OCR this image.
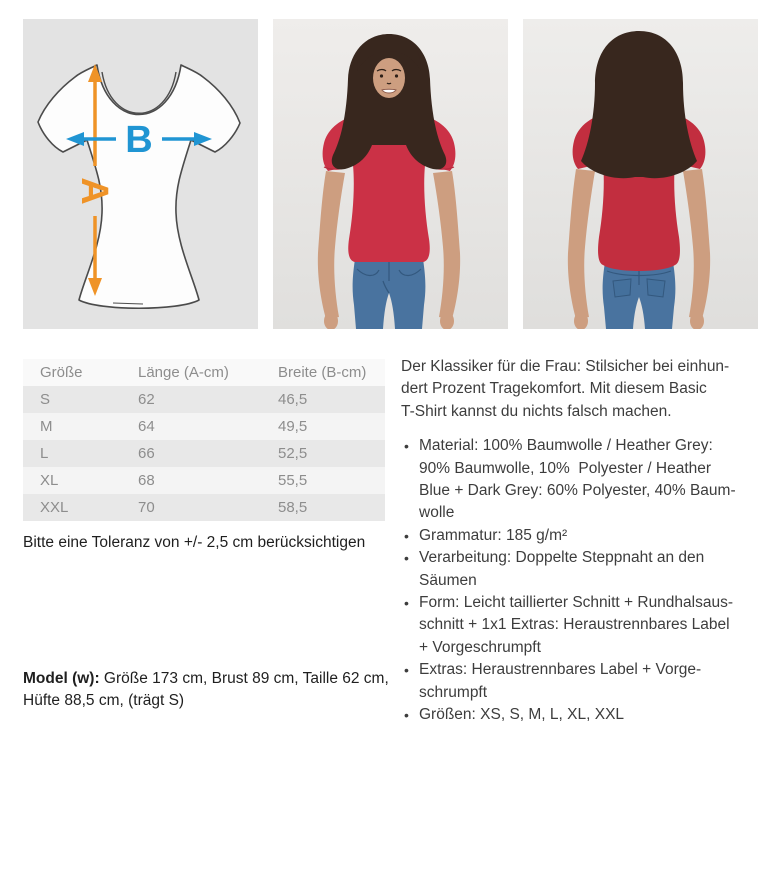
A
B
Größe	Länge (A-cm)	Breite (B-cm)
S	62	46,5
M	64	49,5
L	66	52,5
XL	68	55,5
XXL	70	58,5

Bitte eine Toleranz von +/- 2,5 cm berücksichtigen

Model (w): Größe 173 cm, Brust 89 cm, Taille 62 cm, Hüfte 88,5 cm, (trägt S)

Der Klassiker für die Frau: Stilsicher bei einhun-
dert Prozent Tragekomfort. Mit diesem Basic
T-Shirt kannst du nichts falsch machen.

• Material: 100% Baumwolle / Heather Grey:
90% Baumwolle, 10%  Polyester / Heather
Blue + Dark Grey: 60% Polyester, 40% Baum-
wolle
• Grammatur: 185 g/m²
• Verarbeitung: Doppelte Steppnaht an den
Säumen
• Form: Leicht taillierter Schnitt + Rundhalsaus-
schnitt + 1x1 Extras: Heraustrennbares Label
+ Vorgeschrumpft
• Extras: Heraustrennbares Label + Vorge-
schrumpft
• Größen: XS, S, M, L, XL, XXL
